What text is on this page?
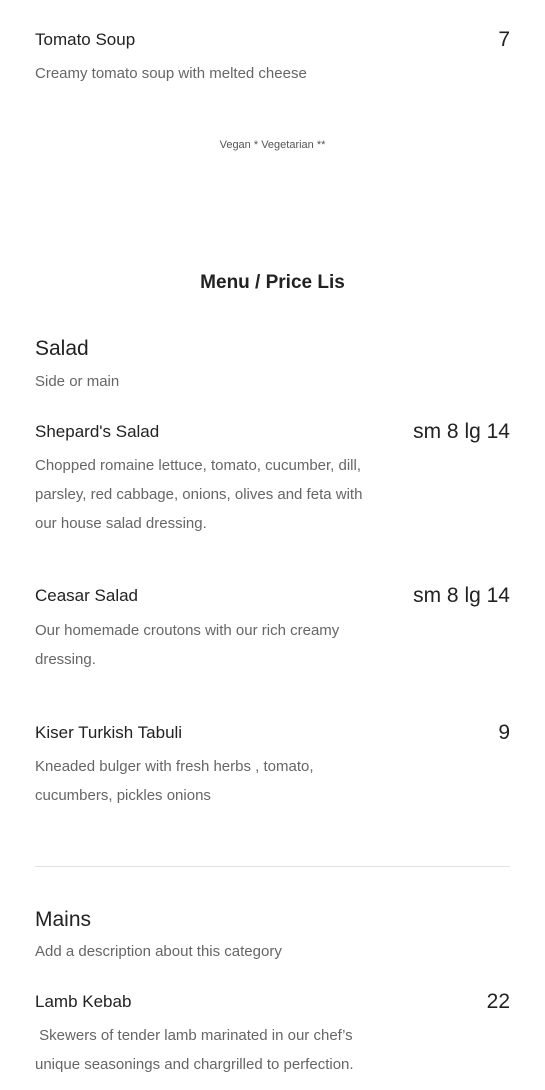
Tomato Soup	7
Creamy tomato soup with melted cheese
Vegan * Vegetarian **
Menu / Price Lis
Salad
Side or main
Shepard's Salad	sm 8 lg 14
Chopped romaine lettuce, tomato, cucumber, dill, parsley, red cabbage, onions, olives and feta with our house salad dressing.
Ceasar Salad	sm 8 lg 14
Our homemade croutons with our rich creamy dressing.
Kiser Turkish Tabuli	9
Kneaded bulger with fresh herbs , tomato, cucumbers, pickles onions
Mains
Add a description about this category
Lamb Kebab	22
Skewers of tender lamb marinated in our chef’s unique seasonings and chargrilled to perfection.
